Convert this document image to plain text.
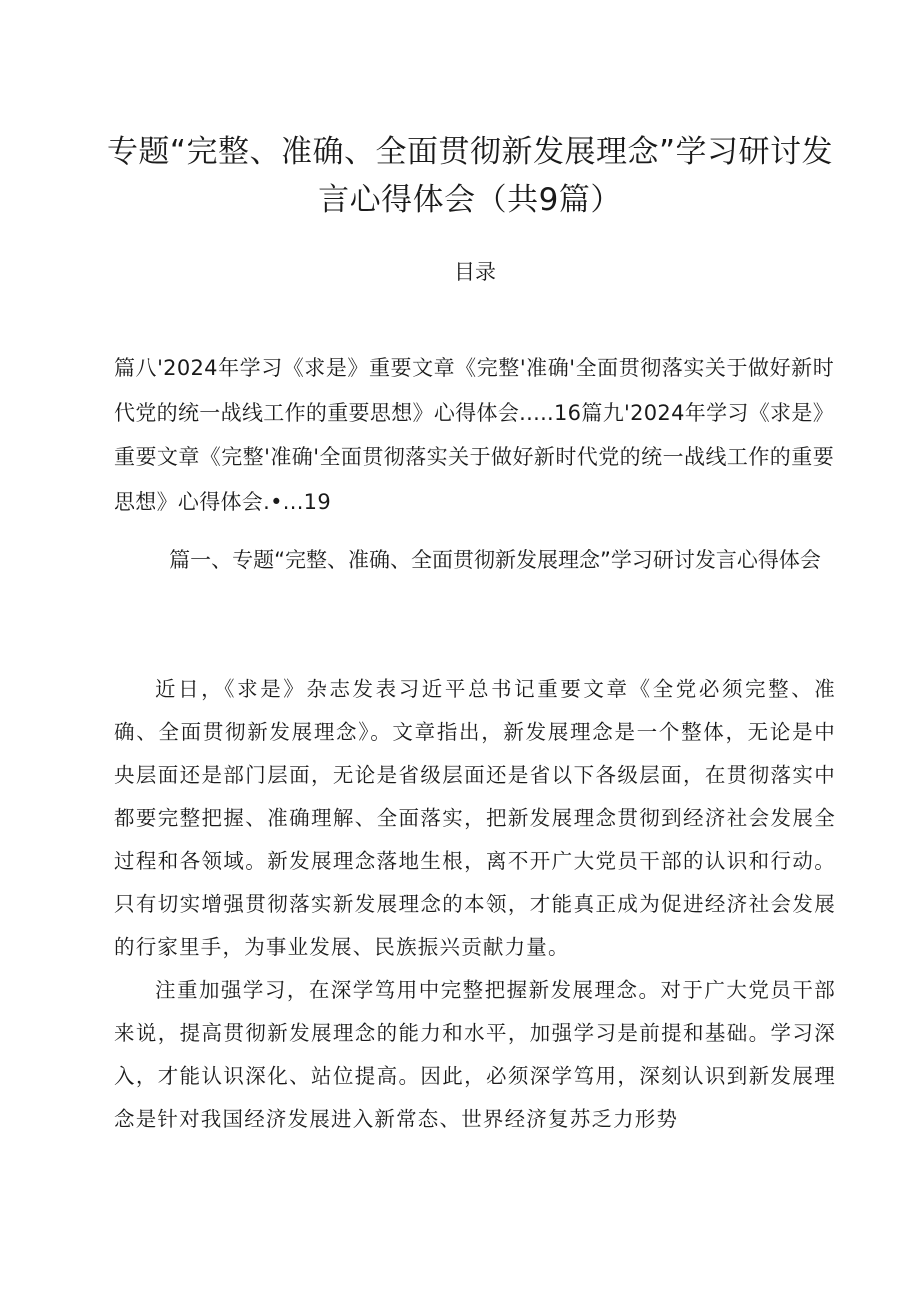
专题“完整、准确、全面贯彻新发展理念”学习研讨发言心得体会（共9篇）
目录
篇八'2024年学习《求是》重要文章《完整'准确'全面贯彻落实关于做好新时代党的统一战线工作的重要思想》心得体会.....16篇九'2024年学习《求是》重要文章《完整'准确'全面贯彻落实关于做好新时代党的统一战线工作的重要思想》心得体会.•...19
篇一、专题“完整、准确、全面贯彻新发展理念”学习研讨发言心得体会

近日，《求是》杂志发表习近平总书记重要文章《全党必须完整、准确、全面贯彻新发展理念》。文章指出，新发展理念是一个整体，无论是中央层面还是部门层面，无论是省级层面还是省以下各级层面，在贯彻落实中都要完整把握、准确理解、全面落实，把新发展理念贯彻到经济社会发展全过程和各领域。新发展理念落地生根，离不开广大党员干部的认识和行动。只有切实增强贯彻落实新发展理念的本领，才能真正成为促进经济社会发展的行家里手，为事业发展、民族振兴贡献力量。

注重加强学习，在深学笃用中完整把握新发展理念。对于广大党员干部来说，提高贯彻新发展理念的能力和水平，加强学习是前提和基础。学习深入，才能认识深化、站位提高。因此，必须深学笃用，深刻认识到新发展理念是针对我国经济发展进入新常态、世界经济复苏乏力形势
